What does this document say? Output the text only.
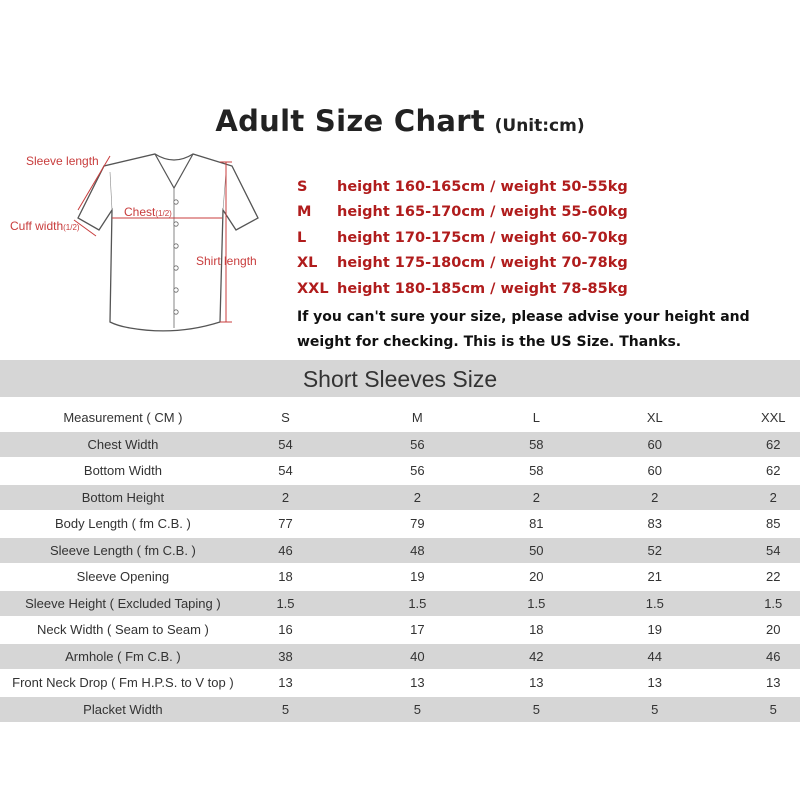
Adult Size Chart (Unit:cm)
Sleeve length
Cuff width(1/2)
Chest(1/2)
Shirt length
S	height 160-165cm / weight 50-55kg
M	height 165-170cm / weight 55-60kg
L	height 170-175cm / weight 60-70kg
XL	height 175-180cm / weight 70-78kg
XXL height 180-185cm / weight 78-85kg
If you can't sure your size, please advise your height and
weight for checking. This is the US Size. Thanks.
Short Sleeves Size
Measurement ( CM )	S	M	L	XL	XXL
Chest Width	54	56	58	60	62
Bottom Width	54	56	58	60	62
Bottom Height	2	2	2	2	2
Body Length ( fm C.B. )	77	79	81	83	85
Sleeve Length ( fm C.B. )	46	48	50	52	54
Sleeve Opening	18	19	20	21	22
Sleeve Height ( Excluded Taping )	1.5	1.5	1.5	1.5	1.5
Neck Width ( Seam to Seam )	16	17	18	19	20
Armhole ( Fm C.B. )	38	40	42	44	46
Front Neck Drop ( Fm H.P.S. to V top )	13	13	13	13	13
Placket Width	5	5	5	5	5
